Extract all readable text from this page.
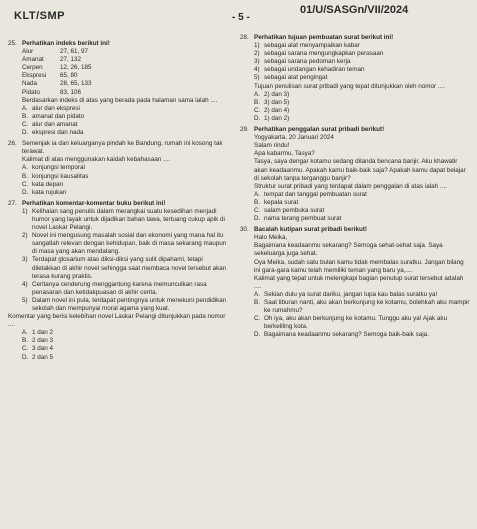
KLT/SMP	- 5 -
01/U/SASGn/VII/2024
25. Perhatikan indeks berikut ini!
Alur	27, 61, 97
Amanat	27, 132
Cerpen	12, 26, 185
Ekspresi	65, 80
Nada	28, 65, 133
Pidato	83, 106

Berdasarkan indeks di atas yang berada pada halaman sama ialah ....

A. alur dan ekspresi
B. amanat dan pidato
C. alur dan amanat
D. ekspresi dan nada
26. Semenjak ia dan keluarganya pindah ke Bandung, rumah ini kosong tak terawat.

Kalimat di atas menggunakan kaidah kebahasaan ....

A. konjungsi temporal
B. konjungsi kausalitas
C. kata depan
D. kata rujukan
27. Perhatikan komentar-komentar buku berikut ini!
1) Kelihaian sang penulis dalam merangkai suatu kesedihan menjadi humor yang layak untuk dijadikan bahan tawa, tertuang cukup apik di novel Laskar Pelangi.
2) Novel ini mengusung masalah sosial dan ekonomi yang mana hal itu sangatlah relevan dengan kehidupan, baik di masa sekarang maupun di masa yang akan mendatang.
3) Terdapat glosarium atas diksi-diksi yang sulit dipahami, tetapi diletakkan di akhir novel sehingga saat membaca novel tersebut akan terasa kurang praktis.
4) Ceritanya cenderung menggantung karena memunculkan rasa penasaran dan ketidakpuasan di akhir cerita.
5) Dalam novel ini pula, terdapat pentingnya untuk menekuni pendidikan sekolah dan mempunyai moral agama yang kuat.

Komentar yang berisi kelebihan novel Laskar Pelangi ditunjukkan pada nomor ....

A. 1 dan 2
B. 2 dan 3
C. 3 dan 4
D. 2 dan 5
28. Perhatikan tujuan pembuatan surat berikut ini!
1) sebagai alat menyampaikan kabar
2) sebagai sarana mengungkapkan perasaan
3) sebagai sarana pedoman kerja
4) sebagai undangan kehadiran teman
5) sebagai alat pengingat

Tujuan penulisan surat pribadi yang tepat ditunjukkan oleh nomor ....

A. 2) dan 3)
B. 3) dan 5)
C. 2) dan 4)
D. 1) dan 2)
29. Perhatikan penggalan surat pribadi berikut!

Yogyakarta, 20 Januari 2024

Salam rindu!

Apa kabarmu, Tasya?

Tasya, saya dengar kotamu sedang dilanda bencana banjir. Aku khawatir akan keadaanmu. Apakah kamu baik-baik saja? Apakah kamu dapat belajar di sekolah tanpa terganggu banjir?

Struktur surat pribadi yang terdapat dalam penggalan di atas ialah ....

A. tempat dan tanggal pembuatan surat
B. kepala surat
C. salam pembuka surat
D. nama terang pembuat surat
30. Bacalah kutipan surat pribadi berikut!

Halo Meika,

Bagaimana keadaanmu sekarang? Semoga sehat-sehat saja. Saya sekeluarga juga sehat.

Oya Meika, sudah satu bulan kamu tidak membalas suratku. Jangan bilang ini gara-gara kamu telah memiliki teman yang baru ya,....

Kalimat yang tepat untuk melengkapi bagian penutup surat tersebut adalah ....

A. Sekian dulu ya surat dariku, jangan lupa kau balas suratku ya!
B. Saat liburan nanti, aku akan berkunjung ke kotamu, bolehkah aku mampir ke rumahmu?
C. Oh iya, aku akan berkunjung ke kotamu. Tunggu aku ya! Ajak aku berkeliling kota.
D. Bagaimana keadaanmu sekarang? Semoga baik-baik saja.
